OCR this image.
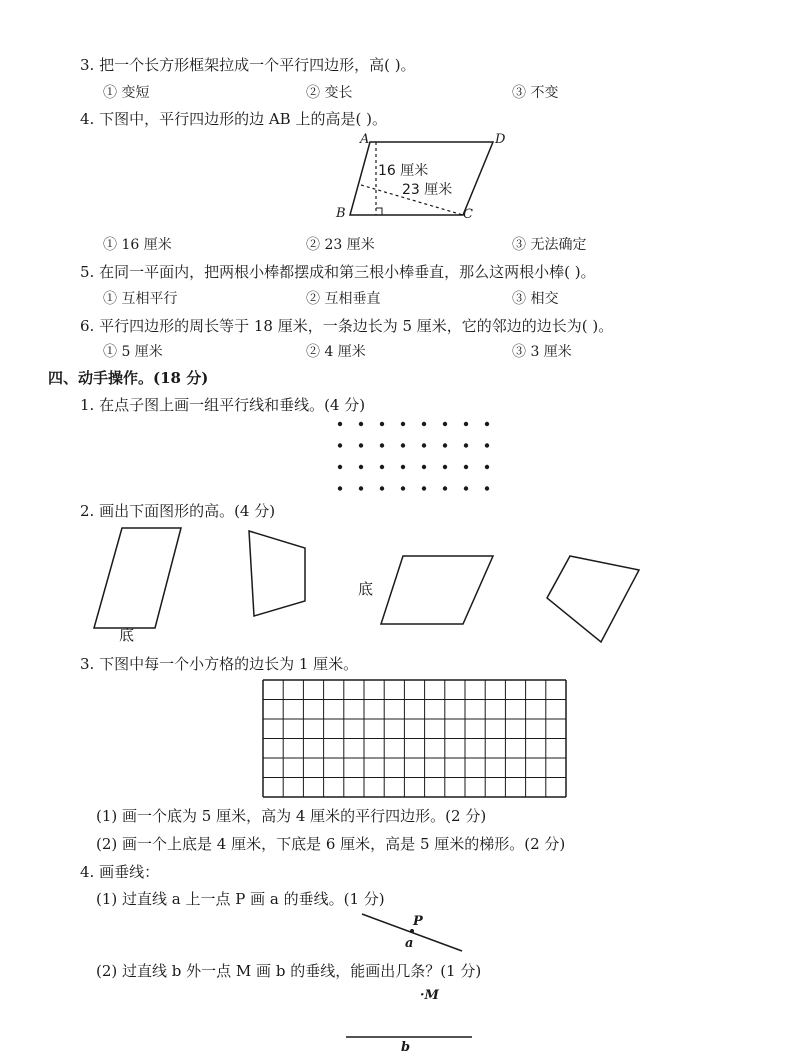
3. 把一个长方形框架拉成一个平行四边形，高( )。
① 变短	② 变长	③ 不变
4. 下图中，平行四边形的边 AB 上的高是( )。
A	D
B	C
16 厘米
23 厘米
① 16 厘米	② 23 厘米	③ 无法确定
5. 在同一平面内，把两根小棒都摆成和第三根小棒垂直，那么这两根小棒( )。
① 互相平行	② 互相垂直	③ 相交
6. 平行四边形的周长等于 18 厘米，一条边长为 5 厘米，它的邻边的边长为( )。
① 5 厘米	② 4 厘米	③ 3 厘米
四、动手操作。(18 分)
1. 在点子图上画一组平行线和垂线。(4 分)
2. 画出下面图形的高。(4 分)
底
底
3. 下图中每一个小方格的边长为 1 厘米。
(1) 画一个底为 5 厘米，高为 4 厘米的平行四边形。(2 分)
(2) 画一个上底是 4 厘米，下底是 6 厘米，高是 5 厘米的梯形。(2 分)
4. 画垂线：
(1) 过直线 a 上一点 P 画 a 的垂线。(1 分)
P
a
(2) 过直线 b 外一点 M 画 b 的垂线，能画出几条？(1 分)
·M
b
